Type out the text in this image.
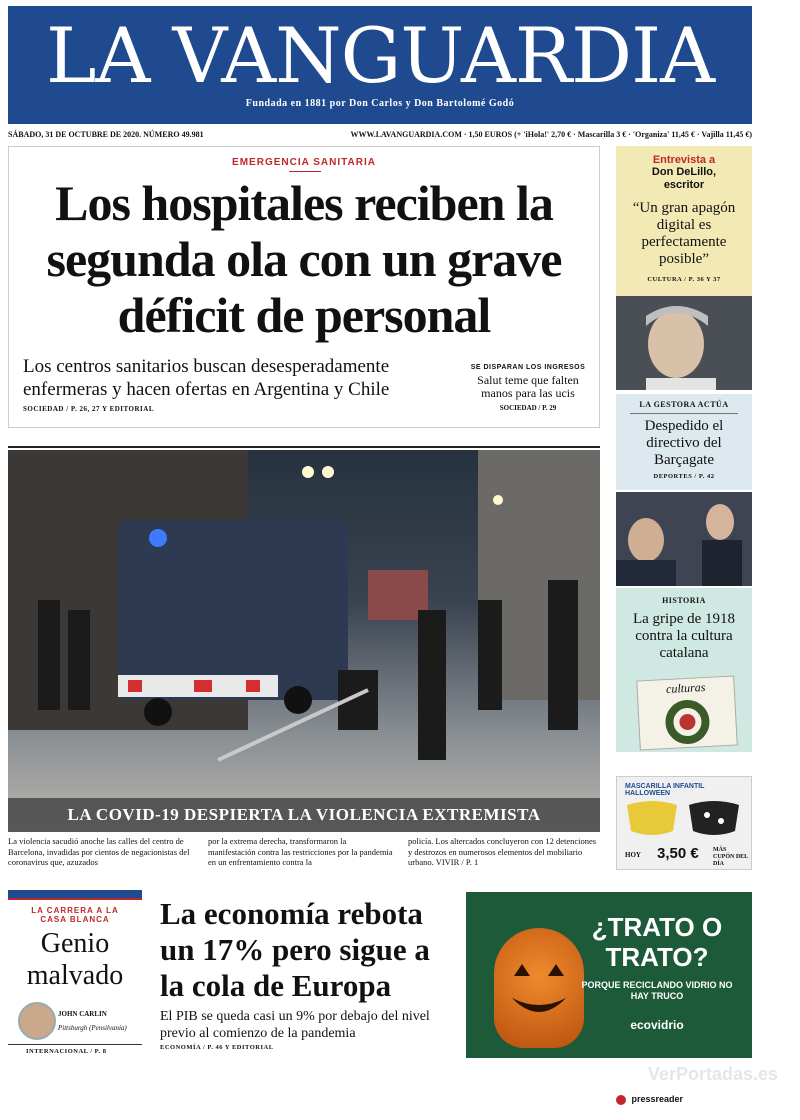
LA VANGUARDIA
Fundada en 1881 por Don Carlos y Don Bartolomé Godó
SÁBADO, 31 DE OCTUBRE DE 2020. NÚMERO 49.981	WWW.LAVANGUARDIA.COM · 1,50 EUROS (+ 'iHola!' 2,70 € · Mascarilla 3 € · 'Organiza' 11,45 € · Vajilla 11,45 €)
EMERGENCIA SANITARIA
Los hospitales reciben la segunda ola con un grave déficit de personal
Los centros sanitarios buscan desesperadamente enfermeras y hacen ofertas en Argentina y Chile
SOCIEDAD / P. 26, 27 Y EDITORIAL
SE DISPARAN LOS INGRESOS
Salut teme que falten manos para las ucis
SOCIEDAD / P. 29
LA COVID-19 DESPIERTA LA VIOLENCIA EXTREMISTA
La violencia sacudió anoche las calles del centro de Barcelona, invadidas por cientos de negacionistas del coronavirus que, azuzados
por la extrema derecha, transformaron la manifestación contra las restricciones por la pandemia en un enfrentamiento contra la
policía. Los altercados concluyeron con 12 detenciones y destrozos en numerosos elementos del mobiliario urbano. VIVIR / P. 1
Entrevista a
Don DeLillo, escritor
“Un gran apagón digital es perfectamente posible”
CULTURA / P. 36 Y 37
LA GESTORA ACTÚA
Despedido el directivo del Barçagate
DEPORTES / P. 42
HISTORIA
La gripe de 1918 contra la cultura catalana
culturas
MASCARILLA INFANTIL HALLOWEEN
HOY 3,50 € MÁS CUPÓN DEL DÍA
LA CARRERA A LA CASA BLANCA
Genio malvado
JOHN CARLIN
Pittsburgh (Pensilvania)
INTERNACIONAL / P. 8
La economía rebota un 17% pero sigue a la cola de Europa
El PIB se queda casi un 9% por debajo del nivel previo al comienzo de la pandemia
ECONOMÍA / P. 46 Y EDITORIAL
¿TRATO O TRATO?
PORQUE RECICLANDO VIDRIO NO HAY TRUCO
ecovidrio
VerPortadas.es
pressreader
